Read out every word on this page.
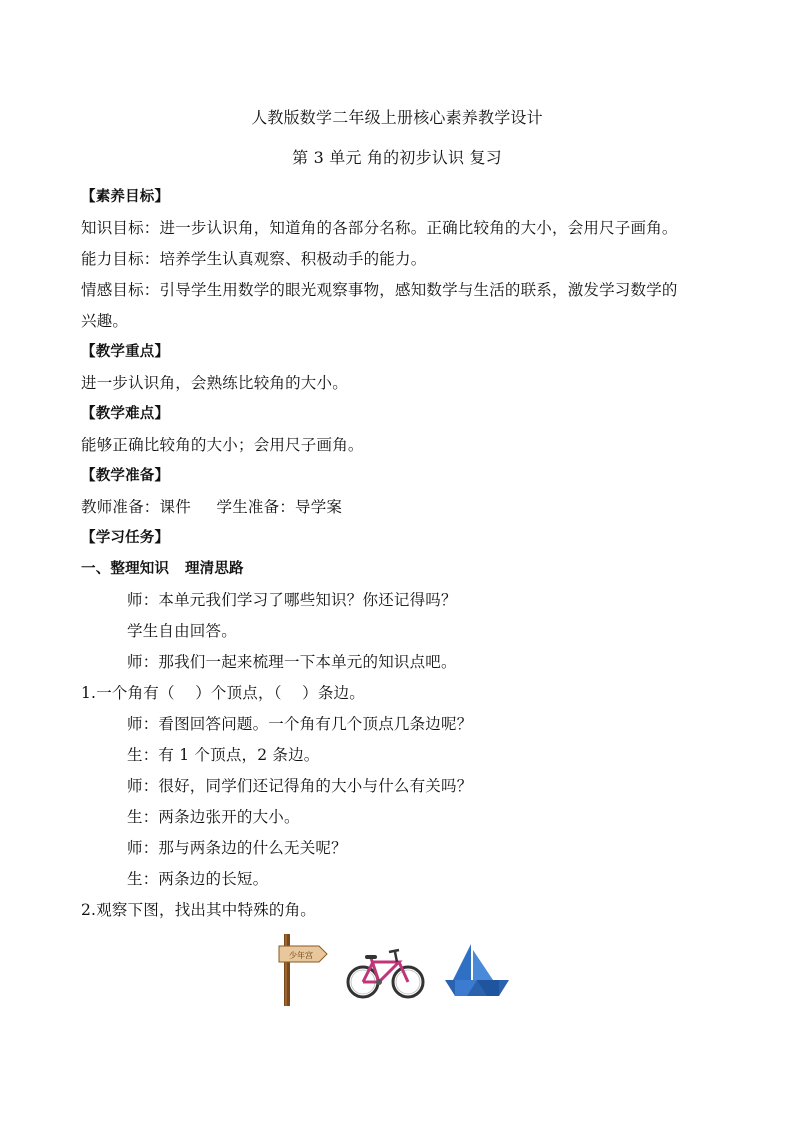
人教版数学二年级上册核心素养教学设计
第 3 单元 角的初步认识 复习
【素养目标】
知识目标：进一步认识角，知道角的各部分名称。正确比较角的大小，会用尺子画角。
能力目标：培养学生认真观察、积极动手的能力。
情感目标：引导学生用数学的眼光观察事物，感知数学与生活的联系，激发学习数学的
兴趣。
【教学重点】
进一步认识角，会熟练比较角的大小。
【教学难点】
能够正确比较角的大小；会用尺子画角。
【教学准备】
教师准备：课件     学生准备：导学案
【学习任务】
一、整理知识   理清思路
师：本单元我们学习了哪些知识？你还记得吗？
学生自由回答。
师：那我们一起来梳理一下本单元的知识点吧。
1.一个角有（    ）个顶点，（    ）条边。
师：看图回答问题。一个角有几个顶点几条边呢？
生：有 1 个顶点，2 条边。
师：很好，同学们还记得角的大小与什么有关吗？
生：两条边张开的大小。
师：那与两条边的什么无关呢？
生：两条边的长短。
2.观察下图，找出其中特殊的角。
少年宫
